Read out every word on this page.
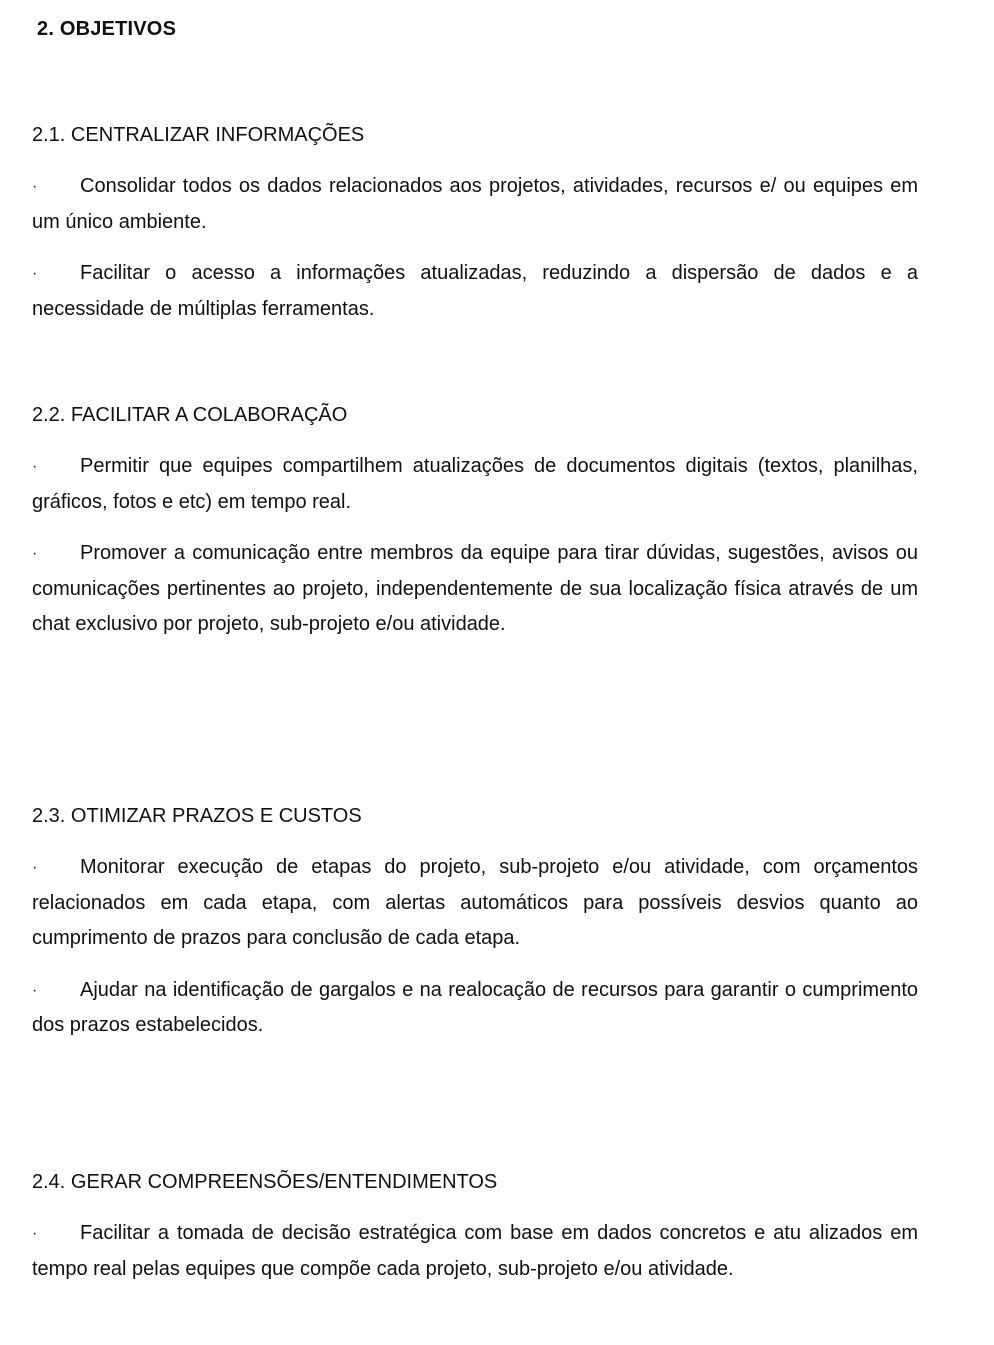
2. OBJETIVOS
2.1. CENTRALIZAR INFORMAÇÕES

· Consolidar todos os dados relacionados aos projetos, atividades, recursos e/ ou equipes em um único ambiente.

· Facilitar o acesso a informações atualizadas, reduzindo a dispersão de dados e a necessidade de múltiplas ferramentas.

2.2. FACILITAR A COLABORAÇÃO

· Permitir que equipes compartilhem atualizações de documentos digitais (textos, planilhas, gráficos, fotos e etc) em tempo real.

· Promover a comunicação entre membros da equipe para tirar dúvidas, sugestões, avisos ou comunicações pertinentes ao projeto, independentemente de sua localização física através de um chat exclusivo por projeto, sub-projeto e/ou atividade.

2.3. OTIMIZAR PRAZOS E CUSTOS

· Monitorar execução de etapas do projeto, sub-projeto e/ou atividade, com orçamentos relacionados em cada etapa, com alertas automáticos para possíveis desvios quanto ao cumprimento de prazos para conclusão de cada etapa.

· Ajudar na identificação de gargalos e na realocação de recursos para garantir o cumprimento dos prazos estabelecidos.

2.4. GERAR COMPREENSÕES/ENTENDIMENTOS

· Facilitar a tomada de decisão estratégica com base em dados concretos e atu alizados em tempo real pelas equipes que compõe cada projeto, sub-projeto e/ou atividade.
